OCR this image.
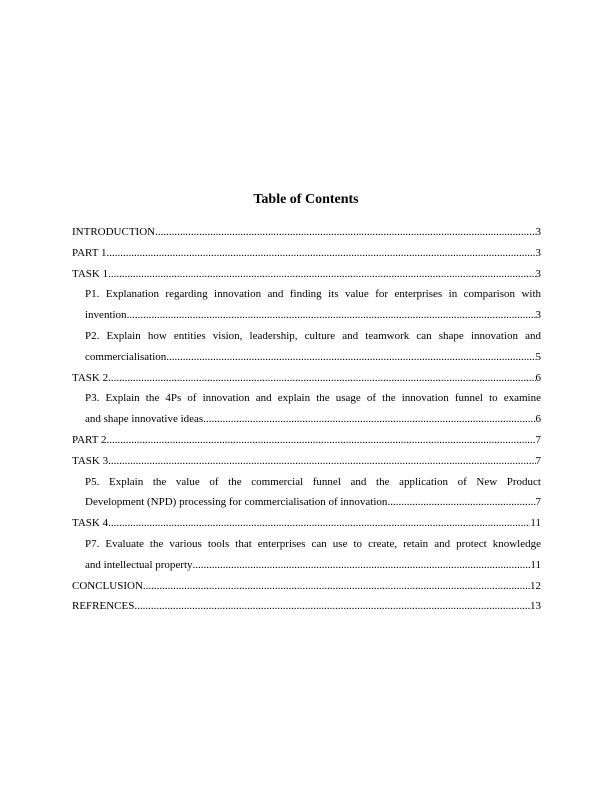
Table of Contents
INTRODUCTION .....	3
PART 1 .....	3
TASK 1 .....	3
P1. Explanation regarding innovation and finding its value for enterprises in comparison with
invention .....	3
P2. Explain how entities vision, leadership, culture and teamwork can shape innovation and
commercialisation .....	5
TASK 2 .....	6
P3. Explain the 4Ps of innovation and explain the usage of the innovation funnel to examine
and shape innovative ideas .....	6
PART 2 .....	7
TASK 3 .....	7
P5. Explain the value of the commercial funnel and the application of New Product
Development (NPD) processing for commercialisation of innovation .....	7
TASK 4 .....	11
P7. Evaluate the various tools that enterprises can use to create, retain and protect knowledge
and intellectual property .....	11
CONCLUSION .....	12
REFRENCES .....	13
